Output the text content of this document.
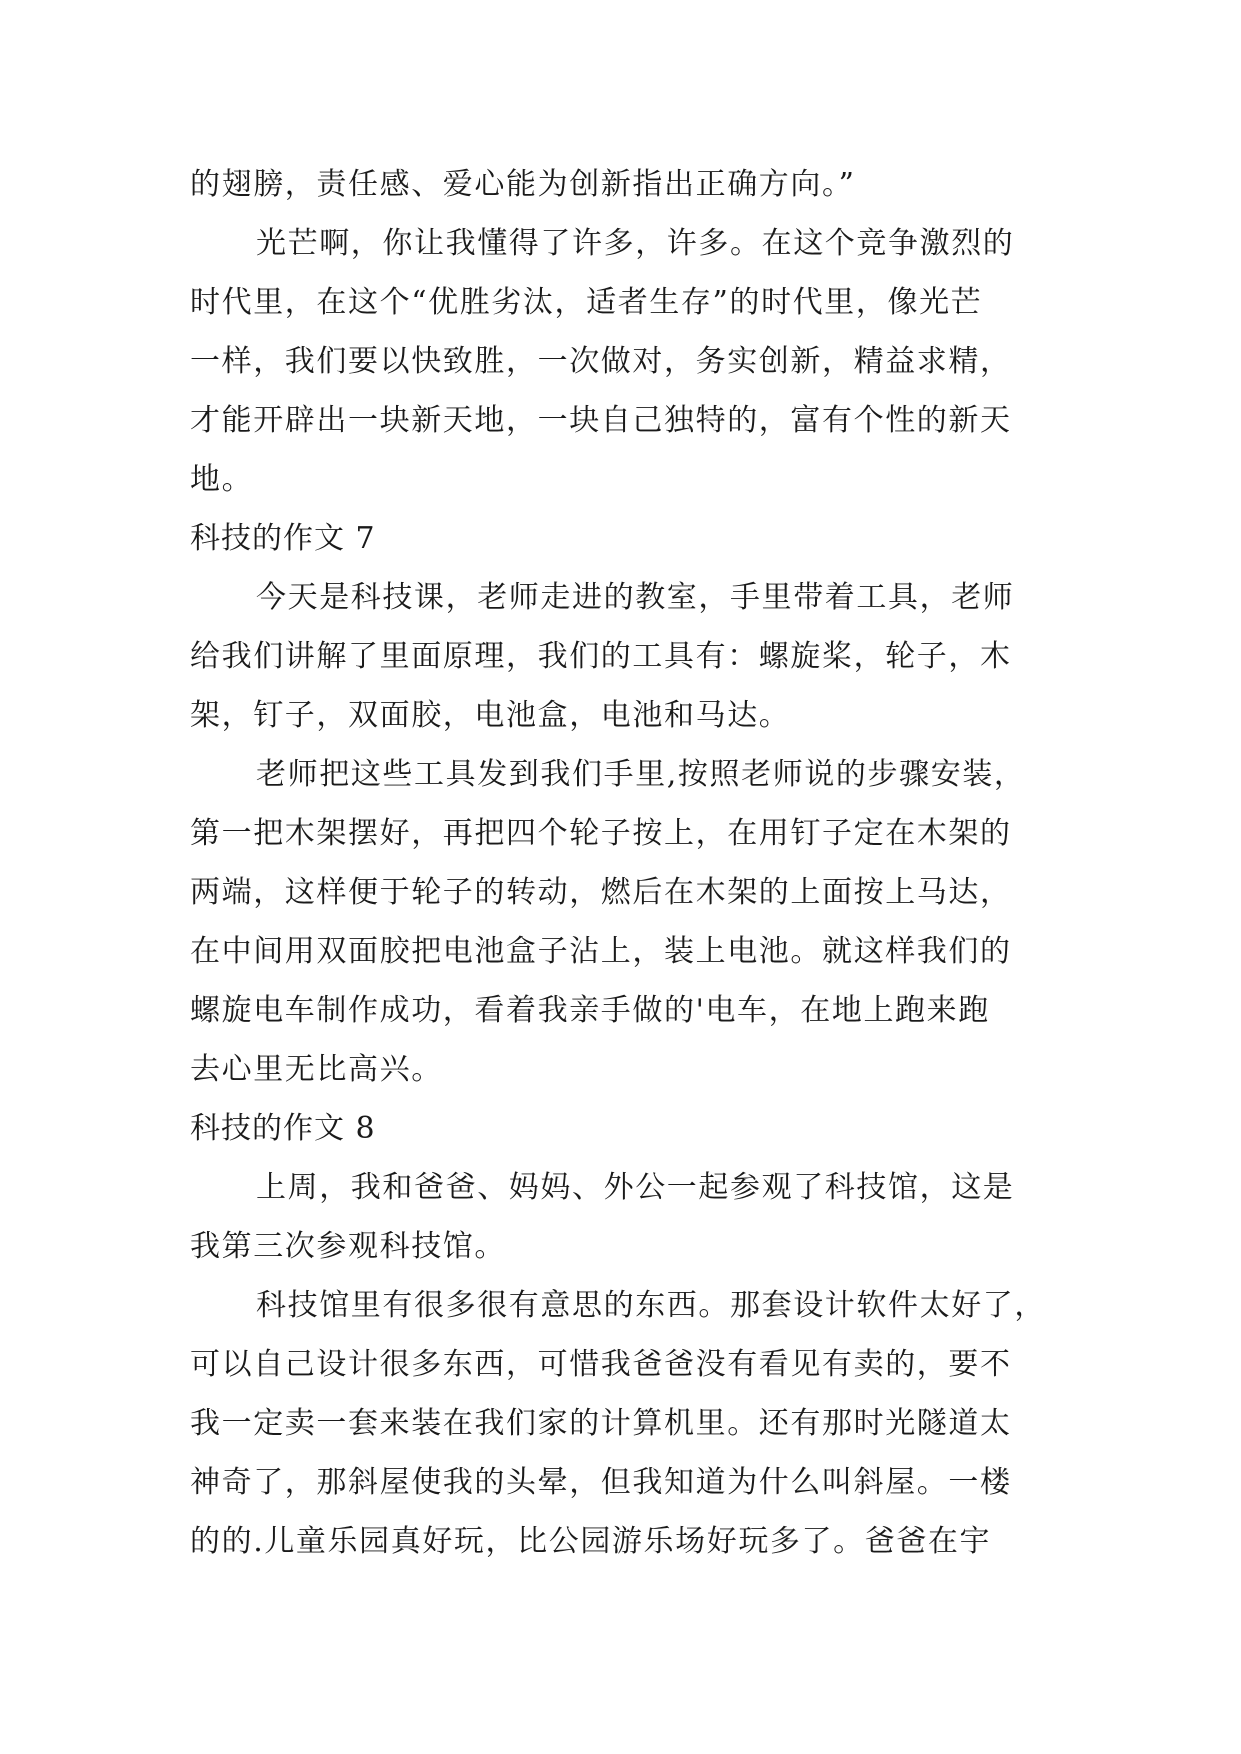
的翅膀，责任感、爱心能为创新指出正确方向。”
光芒啊，你让我懂得了许多，许多。在这个竞争激烈的
时代里，在这个“优胜劣汰，适者生存”的时代里，像光芒
一样，我们要以快致胜，一次做对，务实创新，精益求精，
才能开辟出一块新天地，一块自己独特的，富有个性的新天
地。
科技的作文 7
今天是科技课，老师走进的教室，手里带着工具，老师
给我们讲解了里面原理，我们的工具有：螺旋桨，轮子，木
架，钉子，双面胶，电池盒，电池和马达。
老师把这些工具发到我们手里,按照老师说的步骤安装，
第一把木架摆好，再把四个轮子按上，在用钉子定在木架的
两端，这样便于轮子的转动，燃后在木架的上面按上马达，
在中间用双面胶把电池盒子沾上，装上电池。就这样我们的
螺旋电车制作成功，看着我亲手做的'电车，在地上跑来跑
去心里无比高兴。
科技的作文 8
上周，我和爸爸、妈妈、外公一起参观了科技馆，这是
我第三次参观科技馆。
科技馆里有很多很有意思的东西。那套设计软件太好了，
可以自己设计很多东西，可惜我爸爸没有看见有卖的，要不
我一定卖一套来装在我们家的计算机里。还有那时光隧道太
神奇了，那斜屋使我的头晕，但我知道为什么叫斜屋。一楼
的的.儿童乐园真好玩，比公园游乐场好玩多了。爸爸在宇
